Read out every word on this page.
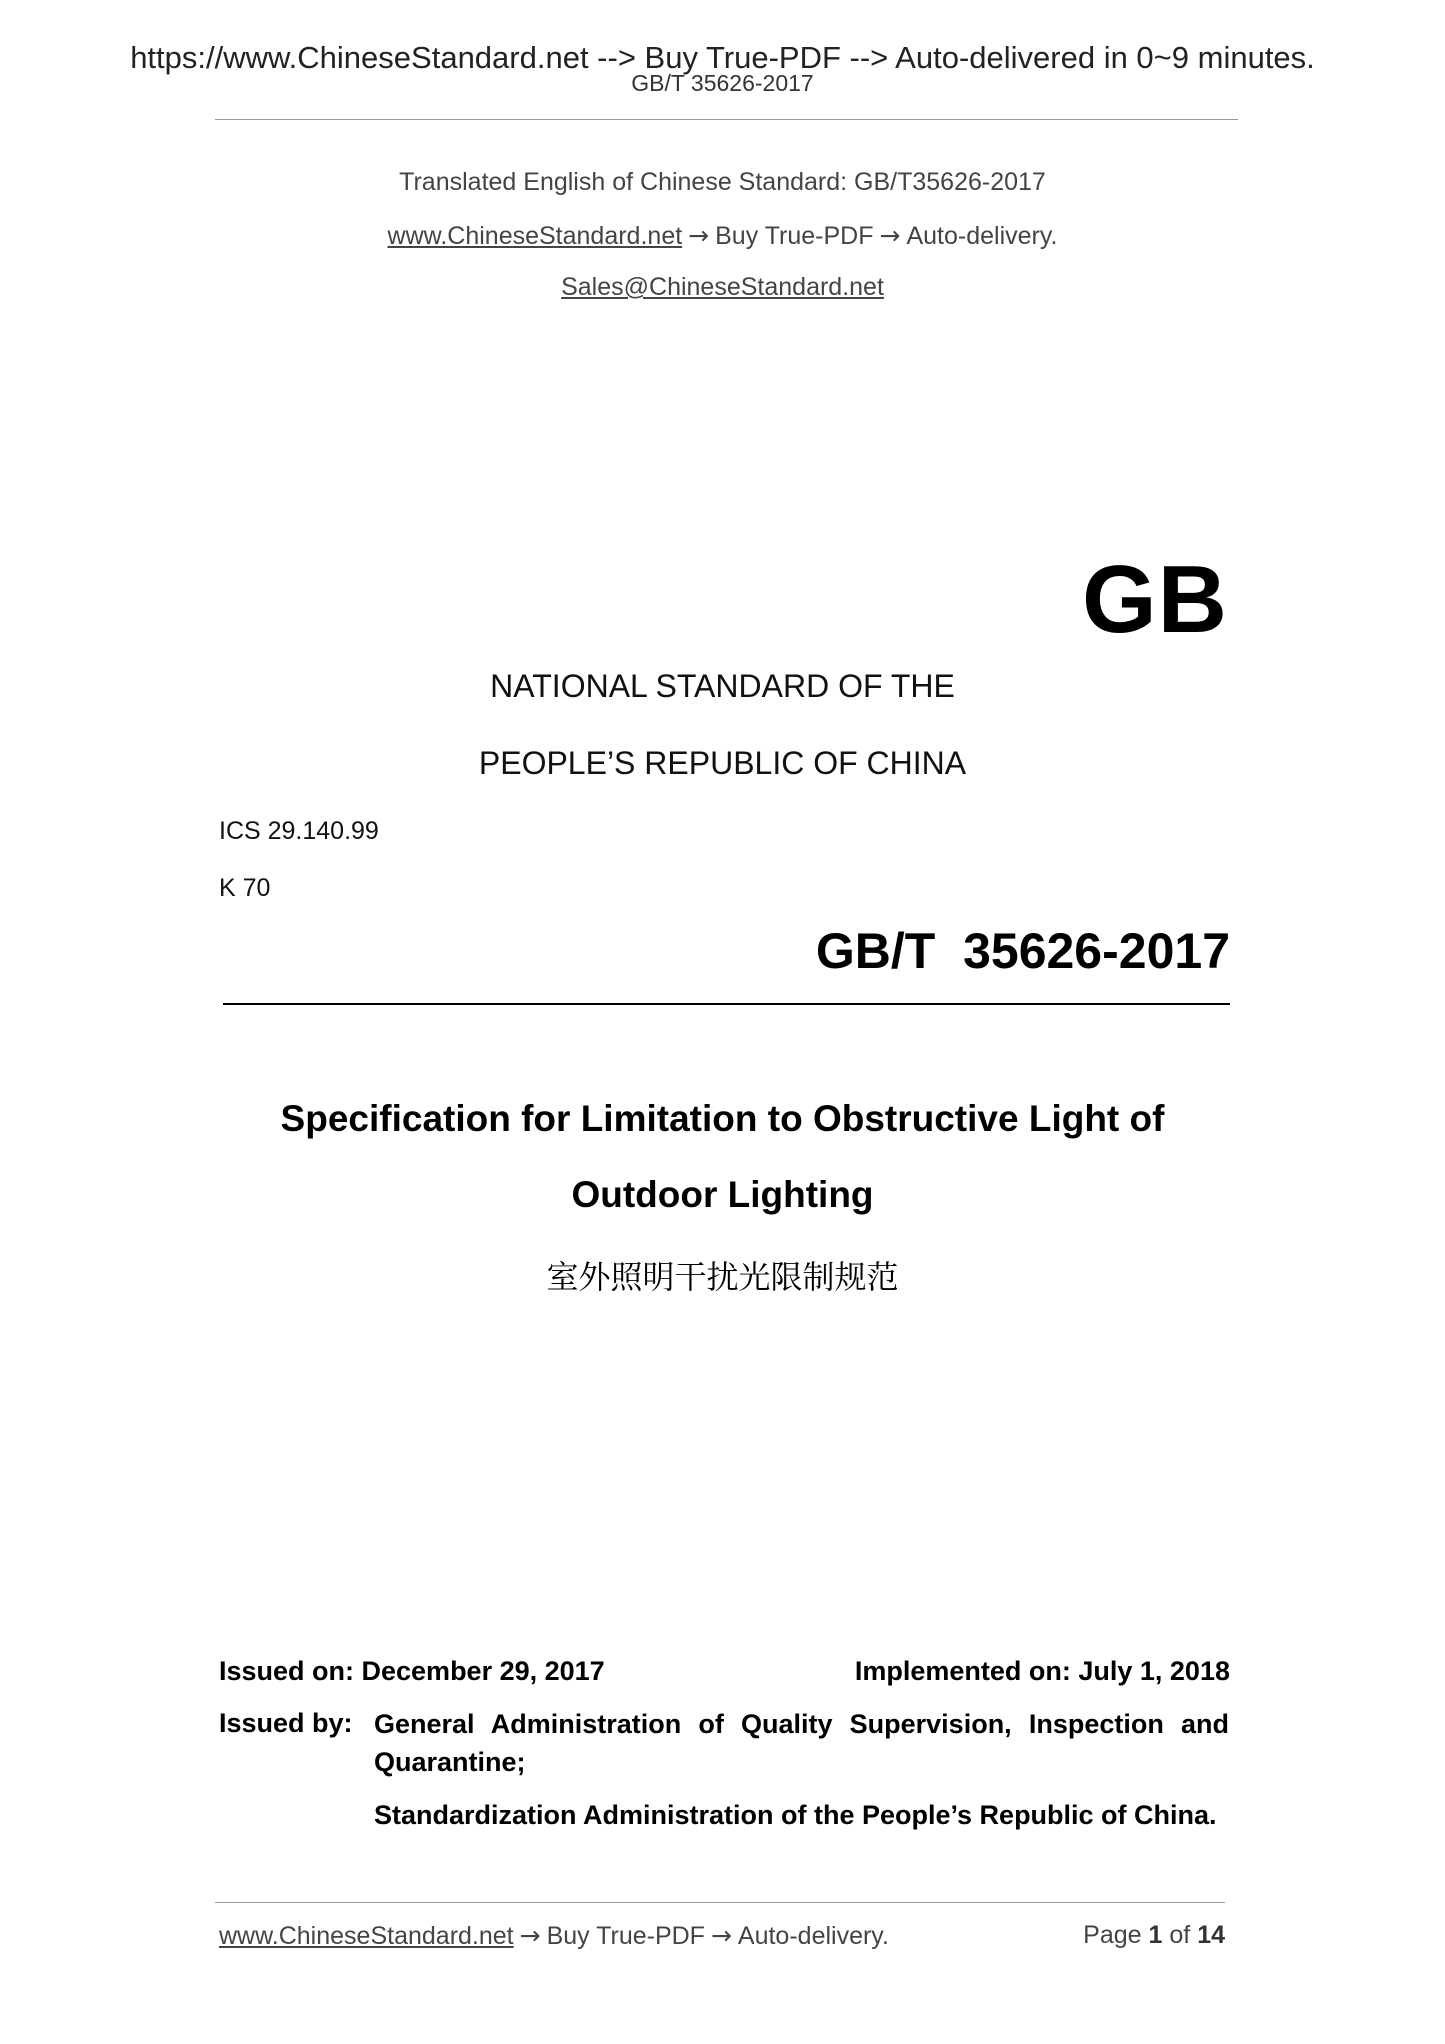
https://www.ChineseStandard.net --> Buy True-PDF --> Auto-delivered in 0~9 minutes.
GB/T 35626-2017
Translated English of Chinese Standard: GB/T35626-2017
www.ChineseStandard.net → Buy True-PDF → Auto-delivery.
Sales@ChineseStandard.net
GB
NATIONAL STANDARD OF THE
PEOPLE’S REPUBLIC OF CHINA
ICS 29.140.99
K 70
GB/T  35626-2017
Specification for Limitation to Obstructive Light of
Outdoor Lighting
室外照明干扰光限制规范
Issued on: December 29, 2017	Implemented on: July 1, 2018
Issued by: General Administration of Quality Supervision, Inspection and Quarantine;
Standardization Administration of the People’s Republic of China.
www.ChineseStandard.net → Buy True-PDF → Auto-delivery.	Page 1 of 14
